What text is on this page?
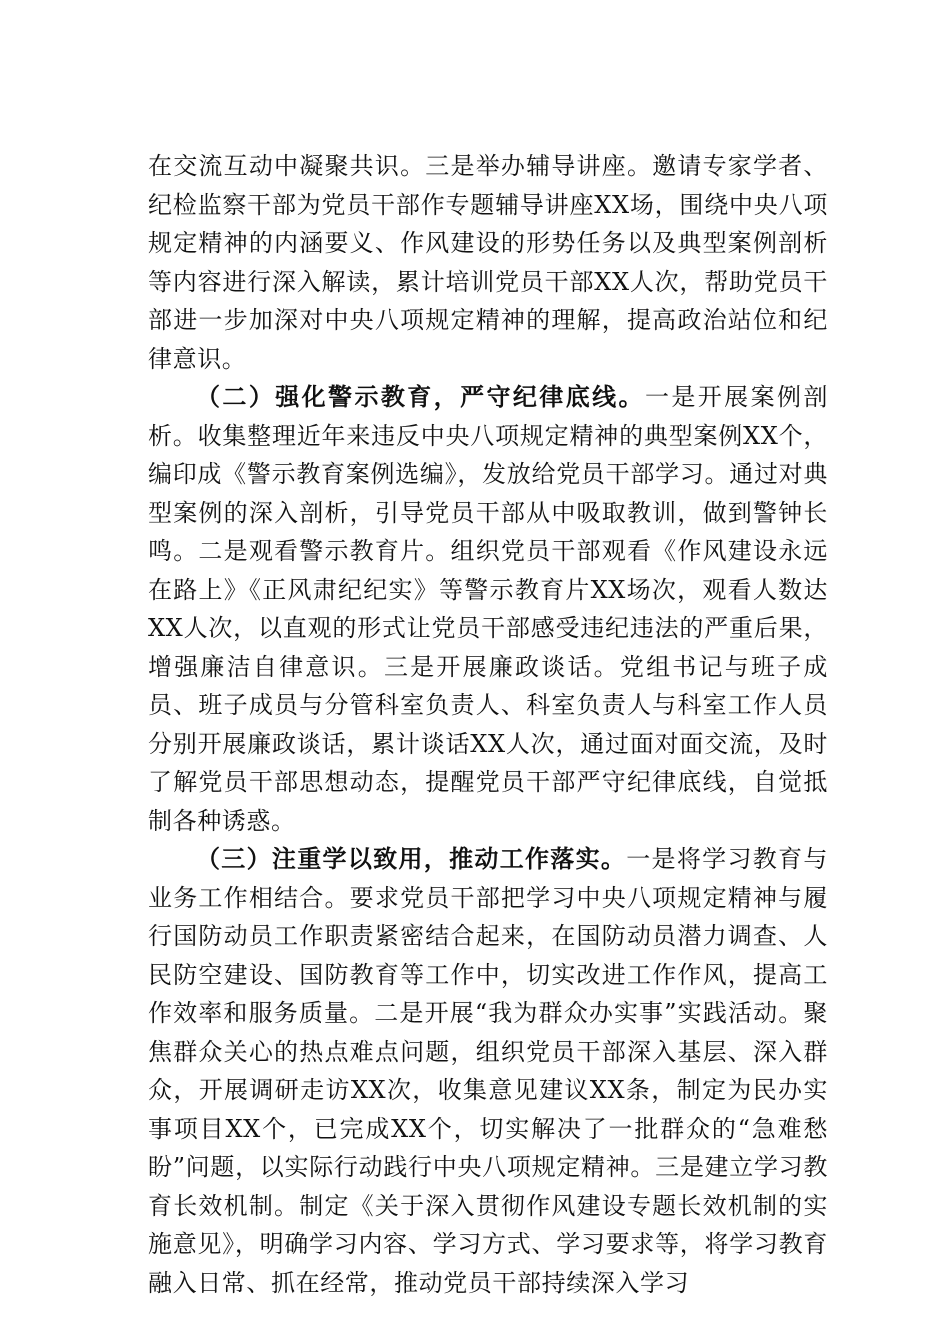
在交流互动中凝聚共识。三是举办辅导讲座。邀请专家学者、纪检监察干部为党员干部作专题辅导讲座XX场，围绕中央八项规定精神的内涵要义、作风建设的形势任务以及典型案例剖析等内容进行深入解读，累计培训党员干部XX人次，帮助党员干部进一步加深对中央八项规定精神的理解，提高政治站位和纪律意识。

（二）强化警示教育，严守纪律底线。一是开展案例剖析。收集整理近年来违反中央八项规定精神的典型案例XX个，编印成《警示教育案例选编》，发放给党员干部学习。通过对典型案例的深入剖析，引导党员干部从中吸取教训，做到警钟长鸣。二是观看警示教育片。组织党员干部观看《作风建设永远在路上》《正风肃纪纪实》等警示教育片XX场次，观看人数达XX人次，以直观的形式让党员干部感受违纪违法的严重后果，增强廉洁自律意识。三是开展廉政谈话。党组书记与班子成员、班子成员与分管科室负责人、科室负责人与科室工作人员分别开展廉政谈话，累计谈话XX人次，通过面对面交流，及时了解党员干部思想动态，提醒党员干部严守纪律底线，自觉抵制各种诱惑。

（三）注重学以致用，推动工作落实。一是将学习教育与业务工作相结合。要求党员干部把学习中央八项规定精神与履行国防动员工作职责紧密结合起来，在国防动员潜力调查、人民防空建设、国防教育等工作中，切实改进工作作风，提高工作效率和服务质量。二是开展“我为群众办实事”实践活动。聚焦群众关心的热点难点问题，组织党员干部深入基层、深入群众，开展调研走访XX次，收集意见建议XX条，制定为民办实事项目XX个，已完成XX个，切实解决了一批群众的“急难愁盼”问题，以实际行动践行中央八项规定精神。三是建立学习教育长效机制。制定《关于深入贯彻作风建设专题长效机制的实施意见》，明确学习内容、学习方式、学习要求等，将学习教育融入日常、抓在经常，推动党员干部持续深入学习
